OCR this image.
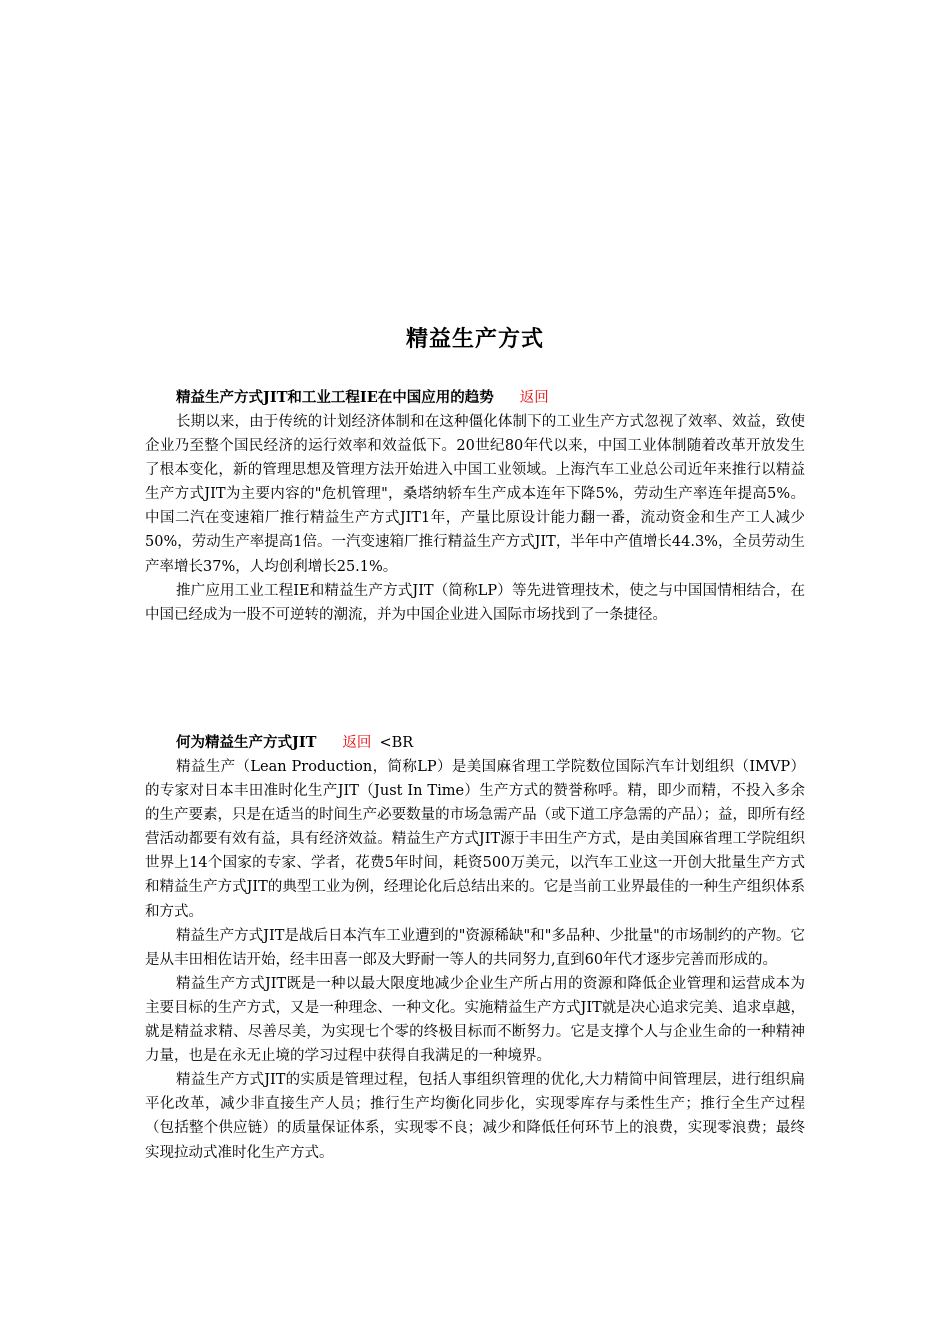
精益生产方式

精益生产方式JIT和工业工程IE在中国应用的趋势 返回

长期以来，由于传统的计划经济体制和在这种僵化体制下的工业生产方式忽视了效率、效益，致使企业乃至整个国民经济的运行效率和效益低下。20世纪80年代以来，中国工业体制随着改革开放发生了根本变化，新的管理思想及管理方法开始进入中国工业领域。上海汽车工业总公司近年来推行以精益生产方式JIT为主要内容的"危机管理"，桑塔纳轿车生产成本连年下降5%，劳动生产率连年提高5%。中国二汽在变速箱厂推行精益生产方式JIT1年，产量比原设计能力翻一番，流动资金和生产工人减少50%，劳动生产率提高1倍。一汽变速箱厂推行精益生产方式JIT，半年中产值增长44.3%，全员劳动生产率增长37%，人均创利增长25.1%。

推广应用工业工程IE和精益生产方式JIT（简称LP）等先进管理技术，使之与中国国情相结合，在中国已经成为一股不可逆转的潮流，并为中国企业进入国际市场找到了一条捷径。

何为精益生产方式JIT 返回 <BR

精益生产（Lean Production，简称LP）是美国麻省理工学院数位国际汽车计划组织（IMVP）的专家对日本丰田准时化生产JIT（Just In Time）生产方式的赞誉称呼。精，即少而精，不投入多余的生产要素，只是在适当的时间生产必要数量的市场急需产品（或下道工序急需的产品）；益，即所有经营活动都要有效有益，具有经济效益。精益生产方式JIT源于丰田生产方式，是由美国麻省理工学院组织世界上14个国家的专家、学者，花费5年时间，耗资500万美元，以汽车工业这一开创大批量生产方式和精益生产方式JIT的典型工业为例，经理论化后总结出来的。它是当前工业界最佳的一种生产组织体系和方式。

精益生产方式JIT是战后日本汽车工业遭到的"资源稀缺"和"多品种、少批量"的市场制约的产物。它是从丰田相佐诘开始，经丰田喜一郎及大野耐一等人的共同努力,直到60年代才逐步完善而形成的。

精益生产方式JIT既是一种以最大限度地减少企业生产所占用的资源和降低企业管理和运营成本为主要目标的生产方式，又是一种理念、一种文化。实施精益生产方式JIT就是决心追求完美、追求卓越，就是精益求精、尽善尽美，为实现七个零的终极目标而不断努力。它是支撑个人与企业生命的一种精神力量，也是在永无止境的学习过程中获得自我满足的一种境界。

精益生产方式JIT的实质是管理过程，包括人事组织管理的优化,大力精简中间管理层，进行组织扁平化改革，减少非直接生产人员；推行生产均衡化同步化，实现零库存与柔性生产；推行全生产过程（包括整个供应链）的质量保证体系，实现零不良；减少和降低任何环节上的浪费，实现零浪费；最终实现拉动式准时化生产方式。
